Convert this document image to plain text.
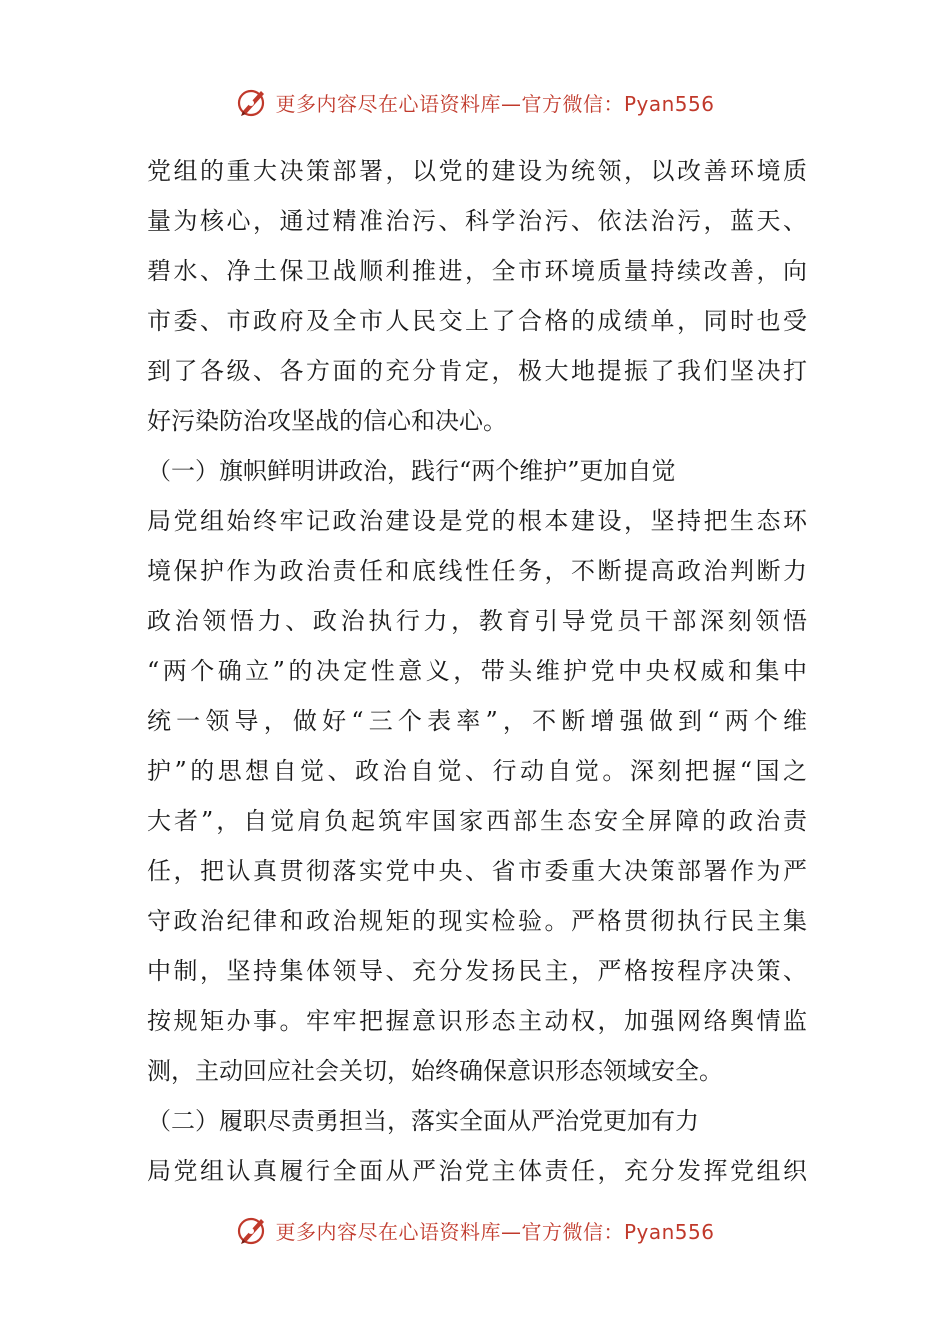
更多内容尽在心语资料库—官方微信：Pyan556
党组的重大决策部署，以党的建设为统领，以改善环境质
量为核心，通过精准治污、科学治污、依法治污，蓝天、
碧水、净土保卫战顺利推进，全市环境质量持续改善，向
市委、市政府及全市人民交上了合格的成绩单，同时也受
到了各级、各方面的充分肯定，极大地提振了我们坚决打
好污染防治攻坚战的信心和决心。
（一）旗帜鲜明讲政治，践行“两个维护”更加自觉
局党组始终牢记政治建设是党的根本建设，坚持把生态环
境保护作为政治责任和底线性任务，不断提高政治判断力
政治领悟力、政治执行力，教育引导党员干部深刻领悟
“两个确立”的决定性意义，带头维护党中央权威和集中
统一领导，做好“三个表率”，不断增强做到“两个维
护”的思想自觉、政治自觉、行动自觉。深刻把握“国之
大者”，自觉肩负起筑牢国家西部生态安全屏障的政治责
任，把认真贯彻落实党中央、省市委重大决策部署作为严
守政治纪律和政治规矩的现实检验。严格贯彻执行民主集
中制，坚持集体领导、充分发扬民主，严格按程序决策、
按规矩办事。牢牢把握意识形态主动权，加强网络舆情监
测，主动回应社会关切，始终确保意识形态领域安全。
（二）履职尽责勇担当，落实全面从严治党更加有力
局党组认真履行全面从严治党主体责任，充分发挥党组织
更多内容尽在心语资料库—官方微信：Pyan556
